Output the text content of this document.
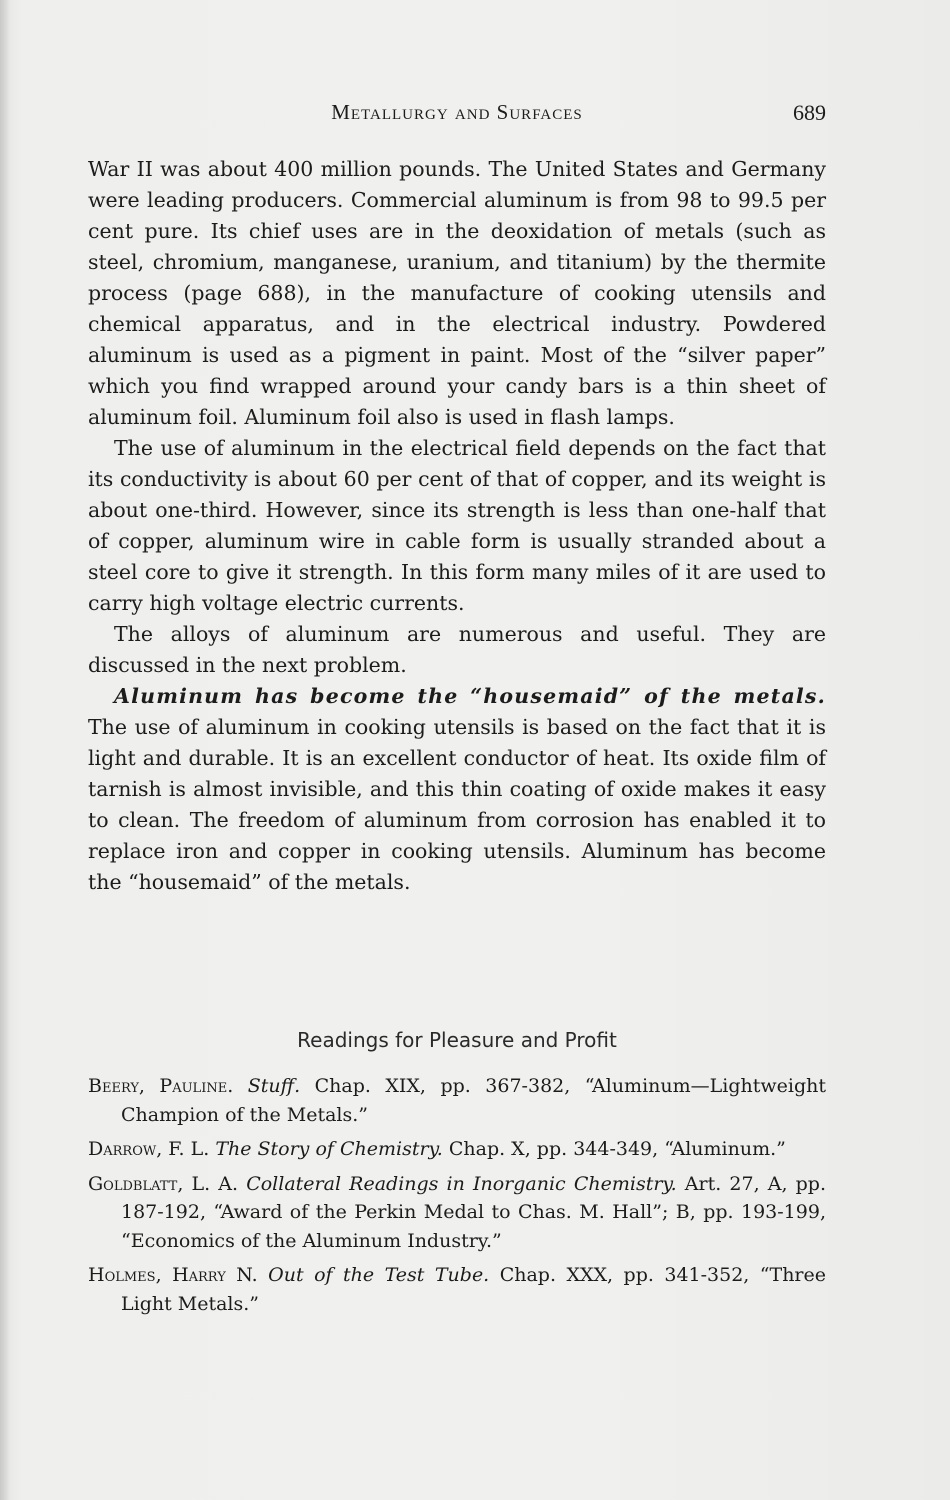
Metallurgy and Surfaces	689

War II was about 400 million pounds. The United States and Germany were leading producers. Commercial aluminum is from 98 to 99.5 per cent pure. Its chief uses are in the deoxidation of metals (such as steel, chromium, manganese, uranium, and titanium) by the thermite process (page 688), in the manufacture of cooking utensils and chemical apparatus, and in the electrical industry. Powdered aluminum is used as a pigment in paint. Most of the “silver paper” which you find wrapped around your candy bars is a thin sheet of aluminum foil. Aluminum foil also is used in flash lamps.

The use of aluminum in the electrical field depends on the fact that its conductivity is about 60 per cent of that of copper, and its weight is about one-third. However, since its strength is less than one-half that of copper, aluminum wire in cable form is usually stranded about a steel core to give it strength. In this form many miles of it are used to carry high voltage electric currents.

The alloys of aluminum are numerous and useful. They are discussed in the next problem.

Aluminum has become the “housemaid” of the metals. The use of aluminum in cooking utensils is based on the fact that it is light and durable. It is an excellent conductor of heat. Its oxide film of tarnish is almost invisible, and this thin coating of oxide makes it easy to clean. The freedom of aluminum from corrosion has enabled it to replace iron and copper in cooking utensils. Aluminum has become the “housemaid” of the metals.

Readings for Pleasure and Profit
Beery, Pauline. Stuff. Chap. XIX, pp. 367-382, “Aluminum—Lightweight Champion of the Metals.”
Darrow, F. L. The Story of Chemistry. Chap. X, pp. 344-349, “Aluminum.”
Goldblatt, L. A. Collateral Readings in Inorganic Chemistry. Art. 27, A, pp. 187-192, “Award of the Perkin Medal to Chas. M. Hall”; B, pp. 193-199, “Economics of the Aluminum Industry.”
Holmes, Harry N. Out of the Test Tube. Chap. XXX, pp. 341-352, “Three Light Metals.”
